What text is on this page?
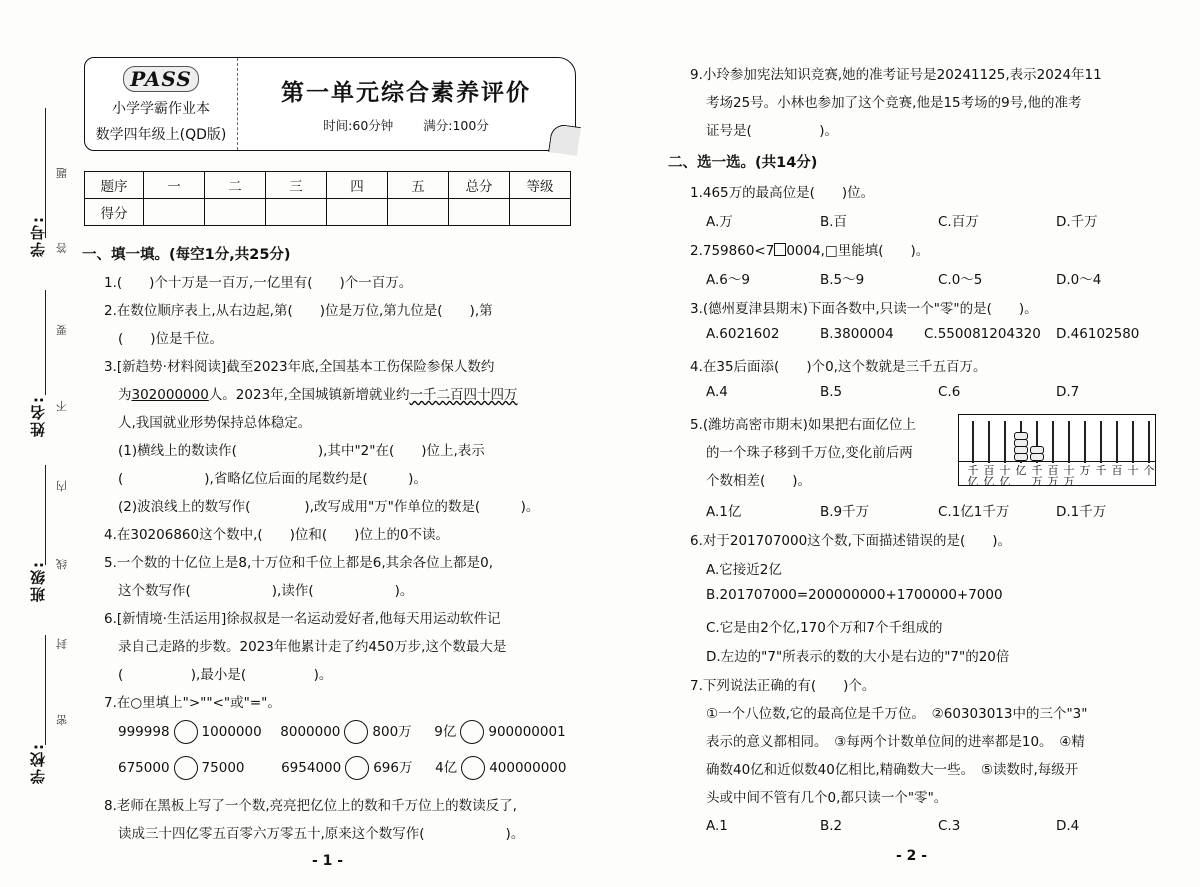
学号:
姓名:
班级:
学校:
题
答
要
不
内
线
封
密
PASS
小学学霸作业本
数学四年级上(QD版)
第一单元综合素养评价
时间:60分钟 满分:100分
题序	一	二	三	四	五	总分	等级
得分							
一、填一填。(每空1分,共25分)
1.(　　)个十万是一百万,一亿里有(　　)个一百万。
2.在数位顺序表上,从右边起,第(　　)位是万位,第九位是(　　),第
(　　)位是千位。
3.[新趋势·材料阅读]截至2023年底,全国基本工伤保险参保人数约
为302000000人。2023年,全国城镇新增就业约一千二百四十四万
人,我国就业形势保持总体稳定。
(1)横线上的数读作(　　　　　　),其中"2"在(　　)位上,表示
(　　　　　　),省略亿位后面的尾数约是(　　　)。
(2)波浪线上的数写作(　　　　),改写成用"万"作单位的数是(　　　)。
4.在30206860这个数中,(　　)位和(　　)位上的0不读。
5.一个数的十亿位上是8,十万位和千位上都是6,其余各位上都是0,
这个数写作(　　　　　　),读作(　　　　　　)。
6.[新情境·生活运用]徐叔叔是一名运动爱好者,他每天用运动软件记
录自己走路的步数。2023年他累计走了约450万步,这个数最大是
(　　　　　),最小是(　　　　　)。
7.在○里填上">""<"或"="。
999998 1000000 8000000 800万 9亿 900000001
675000 75000	6954000 696万 4亿 400000000
8.老师在黑板上写了一个数,亮亮把亿位上的数和千万位上的数读反了,
读成三十四亿零五百零六万零五十,原来这个数写作(　　　　　　)。
- 1 -
9.小玲参加宪法知识竞赛,她的准考证号是20241125,表示2024年11
考场25号。小林也参加了这个竞赛,他是15考场的9号,他的准考
证号是(　　　　　)。
二、选一选。(共14分)
1.465万的最高位是(　　)位。
A.万	B.百	C.百万	D.千万
2.759860<7 0004,□里能填(　　)。
A.6～9	B.5～9	C.0～5	D.0～4
3.(德州夏津县期末)下面各数中,只读一个"零"的是(　　)。
A.6021602	B.3800004 C.550081204320 D.46102580
4.在35后面添(　　)个0,这个数就是三千五百万。
A.4	B.5	C.6	D.7
5.(潍坊高密市期末)如果把右面亿位上
的一个珠子移到千万位,变化前后两
个数相差(　　)。
千亿
百亿
十亿
亿 千万
百万
十万
万 千 百 十 个
A.1亿	B.9千万	C.1亿1千万	D.1千万
6.对于201707000这个数,下面描述错误的是(　　)。
A.它接近2亿
B.201707000=200000000+1700000+7000
C.它是由2个亿,170个万和7个千组成的
D.左边的"7"所表示的数的大小是右边的"7"的20倍
7.下列说法正确的有(　　)个。
①一个八位数,它的最高位是千万位。　②60303013中的三个"3"
表示的意义都相同。　③每两个计数单位间的进率都是10。　④精
确数40亿和近似数40亿相比,精确数大一些。　⑤读数时,每级开
头或中间不管有几个0,都只读一个"零"。
A.1	B.2	C.3	D.4
- 2 -
